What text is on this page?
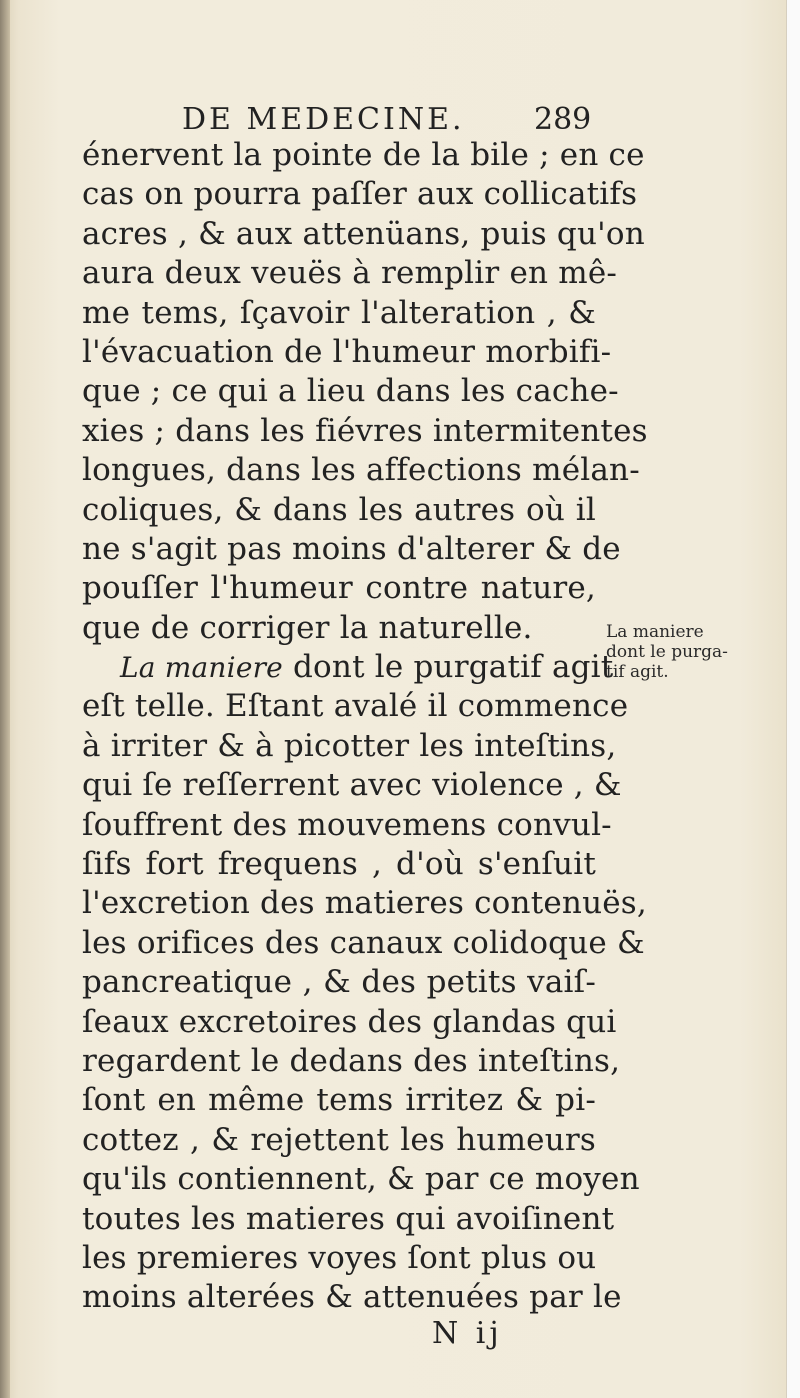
DE MEDECINE. 289
énervent la pointe de la bile ; en ce
cas on pourra paſſer aux collicatifs
acres , & aux attenüans, puis qu'on
aura deux veuës à remplir en mê-
me tems, ſçavoir l'alteration , &
l'évacuation de l'humeur morbifi-
que ; ce qui a lieu dans les cache-
xies ; dans les fiévres intermitentes
longues, dans les affections mélan-
coliques, & dans les autres où il
ne s'agit pas moins d'alterer & de
pouſſer l'humeur contre nature,
que de corriger la naturelle.
La maniere dont le purgatif agit
eſt telle. Eſtant avalé il commence
à irriter & à picotter les inteſtins,
qui ſe reſſerrent avec violence , &
ſouffrent des mouvemens convul-
ſifs fort frequens , d'où s'enſuit
l'excretion des matieres contenuës,
les orifices des canaux colidoque &
pancreatique , & des petits vaiſ-
ſeaux excretoires des glandas qui
regardent le dedans des inteſtins,
ſont en même tems irritez & pi-
cottez , & rejettent les humeurs
qu'ils contiennent, & par ce moyen
toutes les matieres qui avoiſinent
les premieres voyes ſont plus ou
moins alterées & attenuées par le
La maniere
dont le purga-
tif agit.
N ij
